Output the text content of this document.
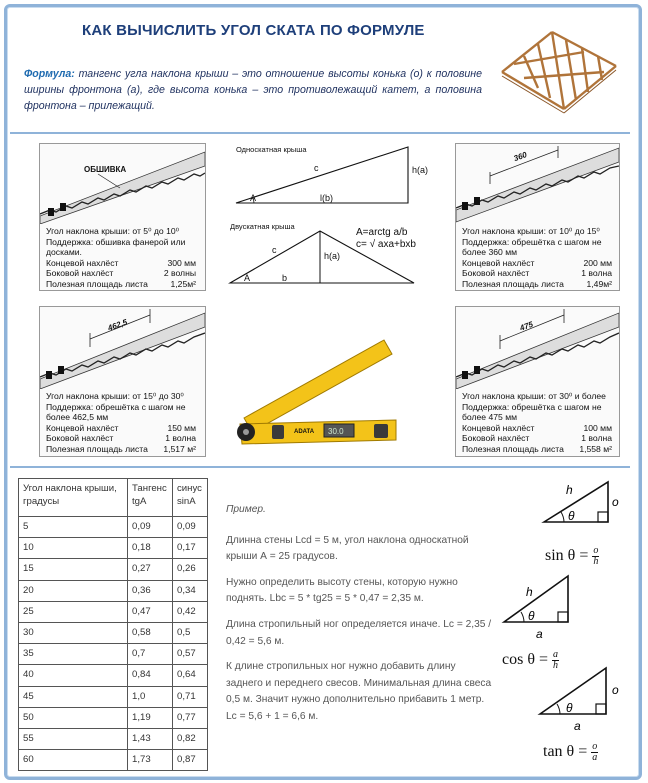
КАК ВЫЧИСЛИТЬ УГОЛ СКАТА ПО ФОРМУЛЕ
Формула: тангенс угла наклона крыши – это отношение высоты конька (о) к половине ширины фронтона (а), где высота конька – это противолежащий катет, а половина фронтона – прилежащий.
ОБШИВКА
Угол наклона крыши: от 5⁰ до 10⁰
Поддержка: обшивка фанерой или досками.
Концевой нахлёст	300 мм
Боковой нахлёст	2 волны
Полезная площадь листа	1,25м²
Односкатная крыша
c	h(a)
A	l(b)
Двускатная крыша
c
h(a)
A	b
A=arctg a/b
c= √ axa+bxb
360
Угол наклона крыши: от 10⁰ до 15⁰
Поддержка: обрешётка с шагом не более 360 мм
Концевой нахлёст	200 мм
Боковой нахлёст	1 волна
Полезная площадь листа	1,49м²
462,5
Угол наклона крыши: от 15⁰ до 30⁰
Поддержка: обрешётка с шагом не более 462,5 мм
Концевой нахлёст	150 мм
Боковой нахлёст	1 волна
Полезная площадь листа 1,517 м²
30.0
ADATA
475
Угол наклона крыши: от 30⁰ и более
Поддержка: обрешётка с шагом не более 475 мм
Концевой нахлёст	100 мм
Боковой нахлёст	1 волна
Полезная площадь листа 1,558 м²
Угол наклона крыши, градусы	Тангенс tgA	синус sinA
5	0,09	0,09
10	0,18	0,17
15	0,27	0,26
20	0,36	0,34
25	0,47	0,42
30	0,58	0,5
35	0,7	0,57
40	0,84	0,64
45	1,0	0,71
50	1,19	0,77
55	1,43	0,82
60	1,73	0,87

Пример.

Длинна стены Lcd = 5 м, угол наклона односкатной крыши А = 25 градусов.

Нужно определить высоту стены, которую нужно поднять. Lbc = 5 * tg25 = 5 * 0,47 = 2,35 м.

Длина стропильный ног определяется иначе. Lc = 2,35 / 0,42 = 5,6 м.

К длине стропильных ног нужно добавить длину заднего и переднего свесов. Минимальная длина свеса 0,5 м. Значит нужно дополнительно прибавить 1 метр. Lc = 5,6 + 1 = 6,6 м.

h
o
θ
$\sin \theta = \frac{o}{h}$
h
θ
a
$\cos \theta = \frac{a}{h}$
o
θ
a
$\tan \theta = \frac{o}{a}$
